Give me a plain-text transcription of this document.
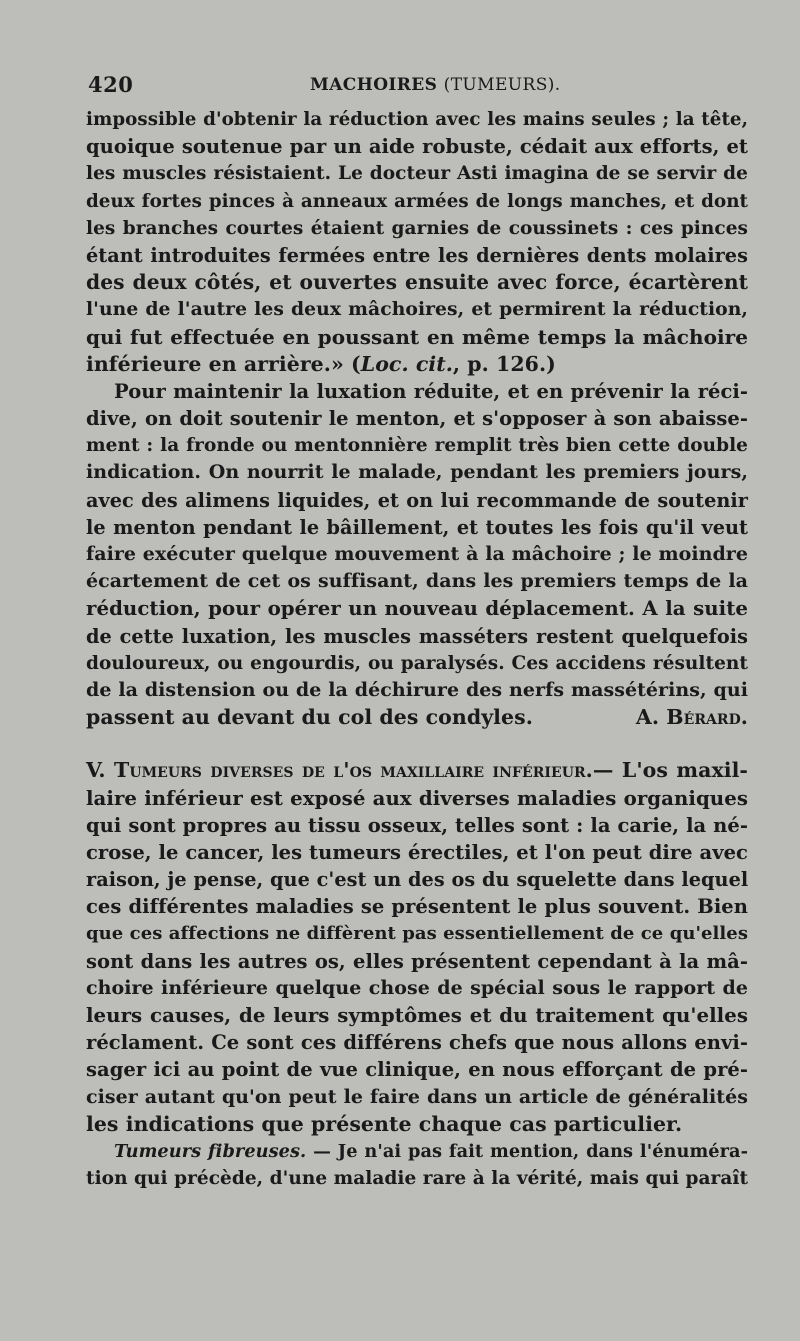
420	MACHOIRES (TUMEURS).
impossible d'obtenir la réduction avec les mains seules ; la tête,
quoique soutenue par un aide robuste, cédait aux efforts, et
les muscles résistaient. Le docteur Asti imagina de se servir de
deux fortes pinces à anneaux armées de longs manches, et dont
les branches courtes étaient garnies de coussinets : ces pinces
étant introduites fermées entre les dernières dents molaires
des deux côtés, et ouvertes ensuite avec force, écartèrent
l'une de l'autre les deux mâchoires, et permirent la réduction,
qui fut effectuée en poussant en même temps la mâchoire
inférieure en arrière.» (Loc. cit., p. 126.)
Pour maintenir la luxation réduite, et en prévenir la réci-
dive, on doit soutenir le menton, et s'opposer à son abaisse-
ment : la fronde ou mentonnière remplit très bien cette double
indication. On nourrit le malade, pendant les premiers jours,
avec des alimens liquides, et on lui recommande de soutenir
le menton pendant le bâillement, et toutes les fois qu'il veut
faire exécuter quelque mouvement à la mâchoire ; le moindre
écartement de cet os suffisant, dans les premiers temps de la
réduction, pour opérer un nouveau déplacement. A la suite
de cette luxation, les muscles masséters restent quelquefois
douloureux, ou engourdis, ou paralysés. Ces accidens résultent
de la distension ou de la déchirure des nerfs massétérins, qui
passent au devant du col des condyles.	A. Bérard.
V. Tumeurs diverses de l'os maxillaire inférieur.— L'os maxil-
laire inférieur est exposé aux diverses maladies organiques
qui sont propres au tissu osseux, telles sont : la carie, la né-
crose, le cancer, les tumeurs érectiles, et l'on peut dire avec
raison, je pense, que c'est un des os du squelette dans lequel
ces différentes maladies se présentent le plus souvent. Bien
que ces affections ne diffèrent pas essentiellement de ce qu'elles
sont dans les autres os, elles présentent cependant à la mâ-
choire inférieure quelque chose de spécial sous le rapport de
leurs causes, de leurs symptômes et du traitement qu'elles
réclament. Ce sont ces différens chefs que nous allons envi-
sager ici au point de vue clinique, en nous efforçant de pré-
ciser autant qu'on peut le faire dans un article de généralités
les indications que présente chaque cas particulier.
Tumeurs fibreuses. — Je n'ai pas fait mention, dans l'énuméra-
tion qui précède, d'une maladie rare à la vérité, mais qui paraît
